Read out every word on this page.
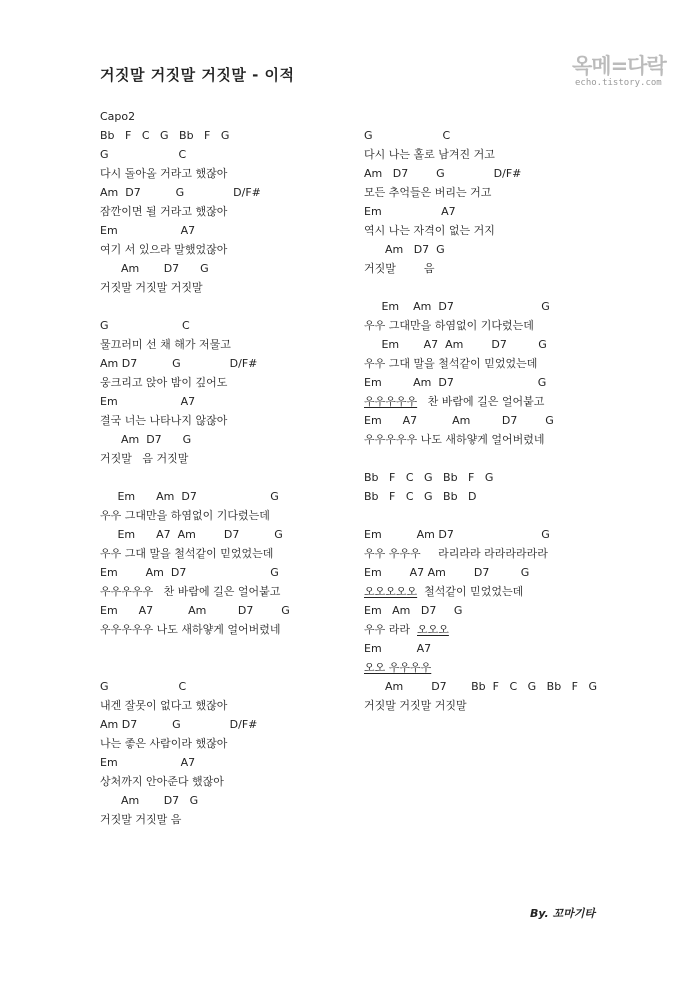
거짓말 거짓말 거짓말 - 이적	옥메=다락
echo.tistory.com
Capo2
Bb   F   C   G   Bb   F   G
G                    C
다시 돌아올 거라고 했잖아
Am  D7          G              D/F#
잠깐이면 될 거라고 했잖아
Em                  A7
여기 서 있으라 말했었잖아
Am       D7      G
거짓말 거짓말 거짓말
G                     C
물끄러미 선 채 해가 저물고
Am D7          G              D/F#
웅크리고 앉아 밤이 깊어도
Em                  A7
결국 너는 나타나지 않잖아
Am  D7      G
거짓말   음 거짓말
Em      Am  D7                     G
우우 그대만을 하염없이 기다렸는데
Em      A7  Am        D7          G
우우 그대 말을 철석같이 믿었었는데
Em        Am  D7                        G
우우우우우   찬 바람에 길은 얼어붙고
Em      A7          Am         D7        G
우우우우우 나도 새하얗게 얼어버렸네
G                    C
내겐 잘못이 없다고 했잖아
Am D7          G              D/F#
나는 좋은 사람이라 했잖아
Em                  A7
상처까지 안아준다 했잖아
Am       D7   G
거짓말 거짓말 음
G                    C
다시 나는 홀로 남겨진 거고
Am   D7        G              D/F#
모든 추억들은 버리는 거고
Em                 A7
역시 나는 자격이 없는 거지
Am   D7  G
거짓말        음
Em    Am  D7                         G
우우 그대만을 하염없이 기다렸는데
Em       A7  Am        D7         G
우우 그대 말을 철석같이 믿었었는데
Em         Am  D7                        G
우우우우우   찬 바람에 길은 얼어붙고
Em      A7          Am         D7        G
우우우우우 나도 새하얗게 얼어버렸네
Bb   F   C   G   Bb   F   G
Bb   F   C   G   Bb   D
Em          Am D7                         G
우우 우우우     라리라라 라라라라라라
Em        A7 Am        D7         G
오오오오오  철석같이 믿었었는데
Em   Am   D7     G
우우 라라  오오오
Em          A7
오오 우우우우
Am        D7       Bb  F   C   G   Bb   F   G
거짓말 거짓말 거짓말
By. 꼬마기타
